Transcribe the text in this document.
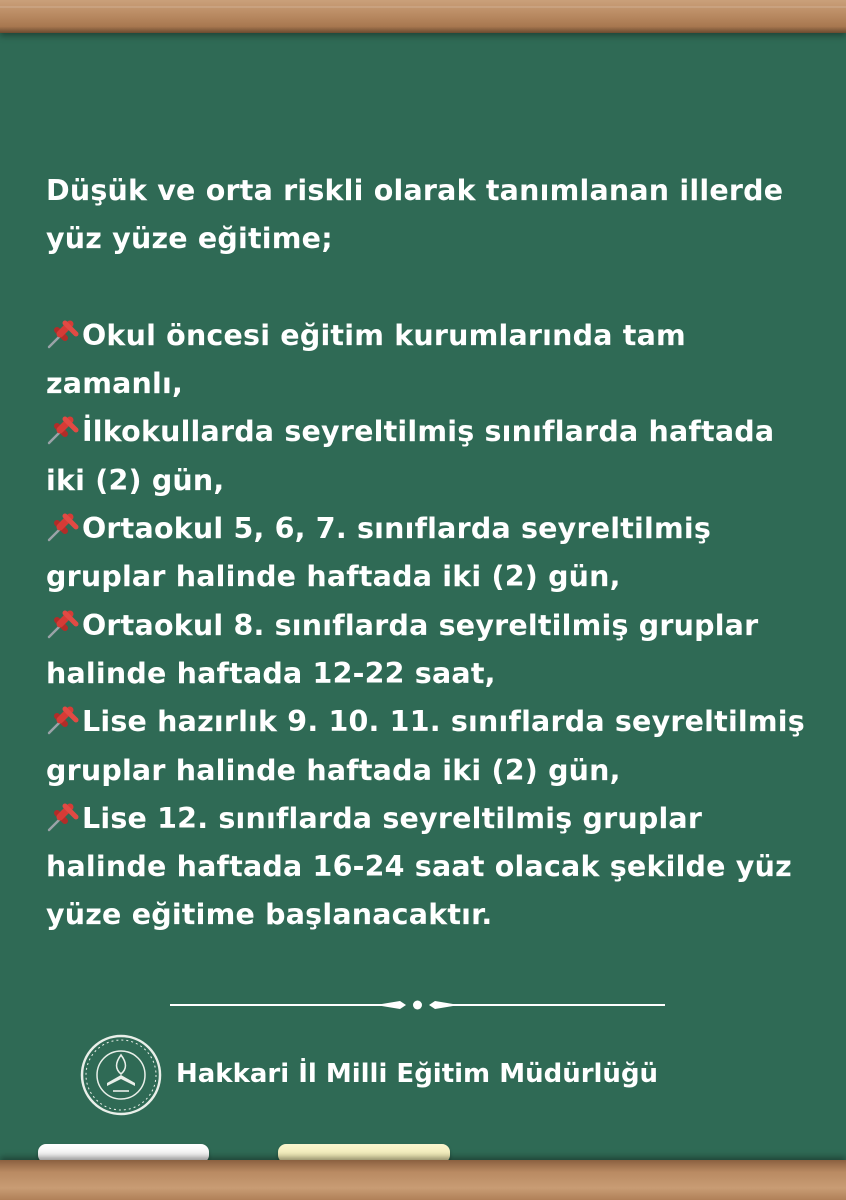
Düşük ve orta riskli olarak tanımlanan illerde
yüz yüze eğitime;
Okul öncesi eğitim kurumlarında tam
zamanlı,
İlkokullarda seyreltilmiş sınıflarda haftada
iki (2) gün,
Ortaokul 5, 6, 7. sınıflarda seyreltilmiş
gruplar halinde haftada iki (2) gün,
Ortaokul 8. sınıflarda seyreltilmiş gruplar
halinde haftada 12-22 saat,
Lise hazırlık 9. 10. 11. sınıflarda seyreltilmiş
gruplar halinde haftada iki (2) gün,
Lise 12. sınıflarda seyreltilmiş gruplar
halinde haftada 16-24 saat olacak şekilde yüz
yüze eğitime başlanacaktır.
Hakkari İl Milli Eğitim Müdürlüğü
